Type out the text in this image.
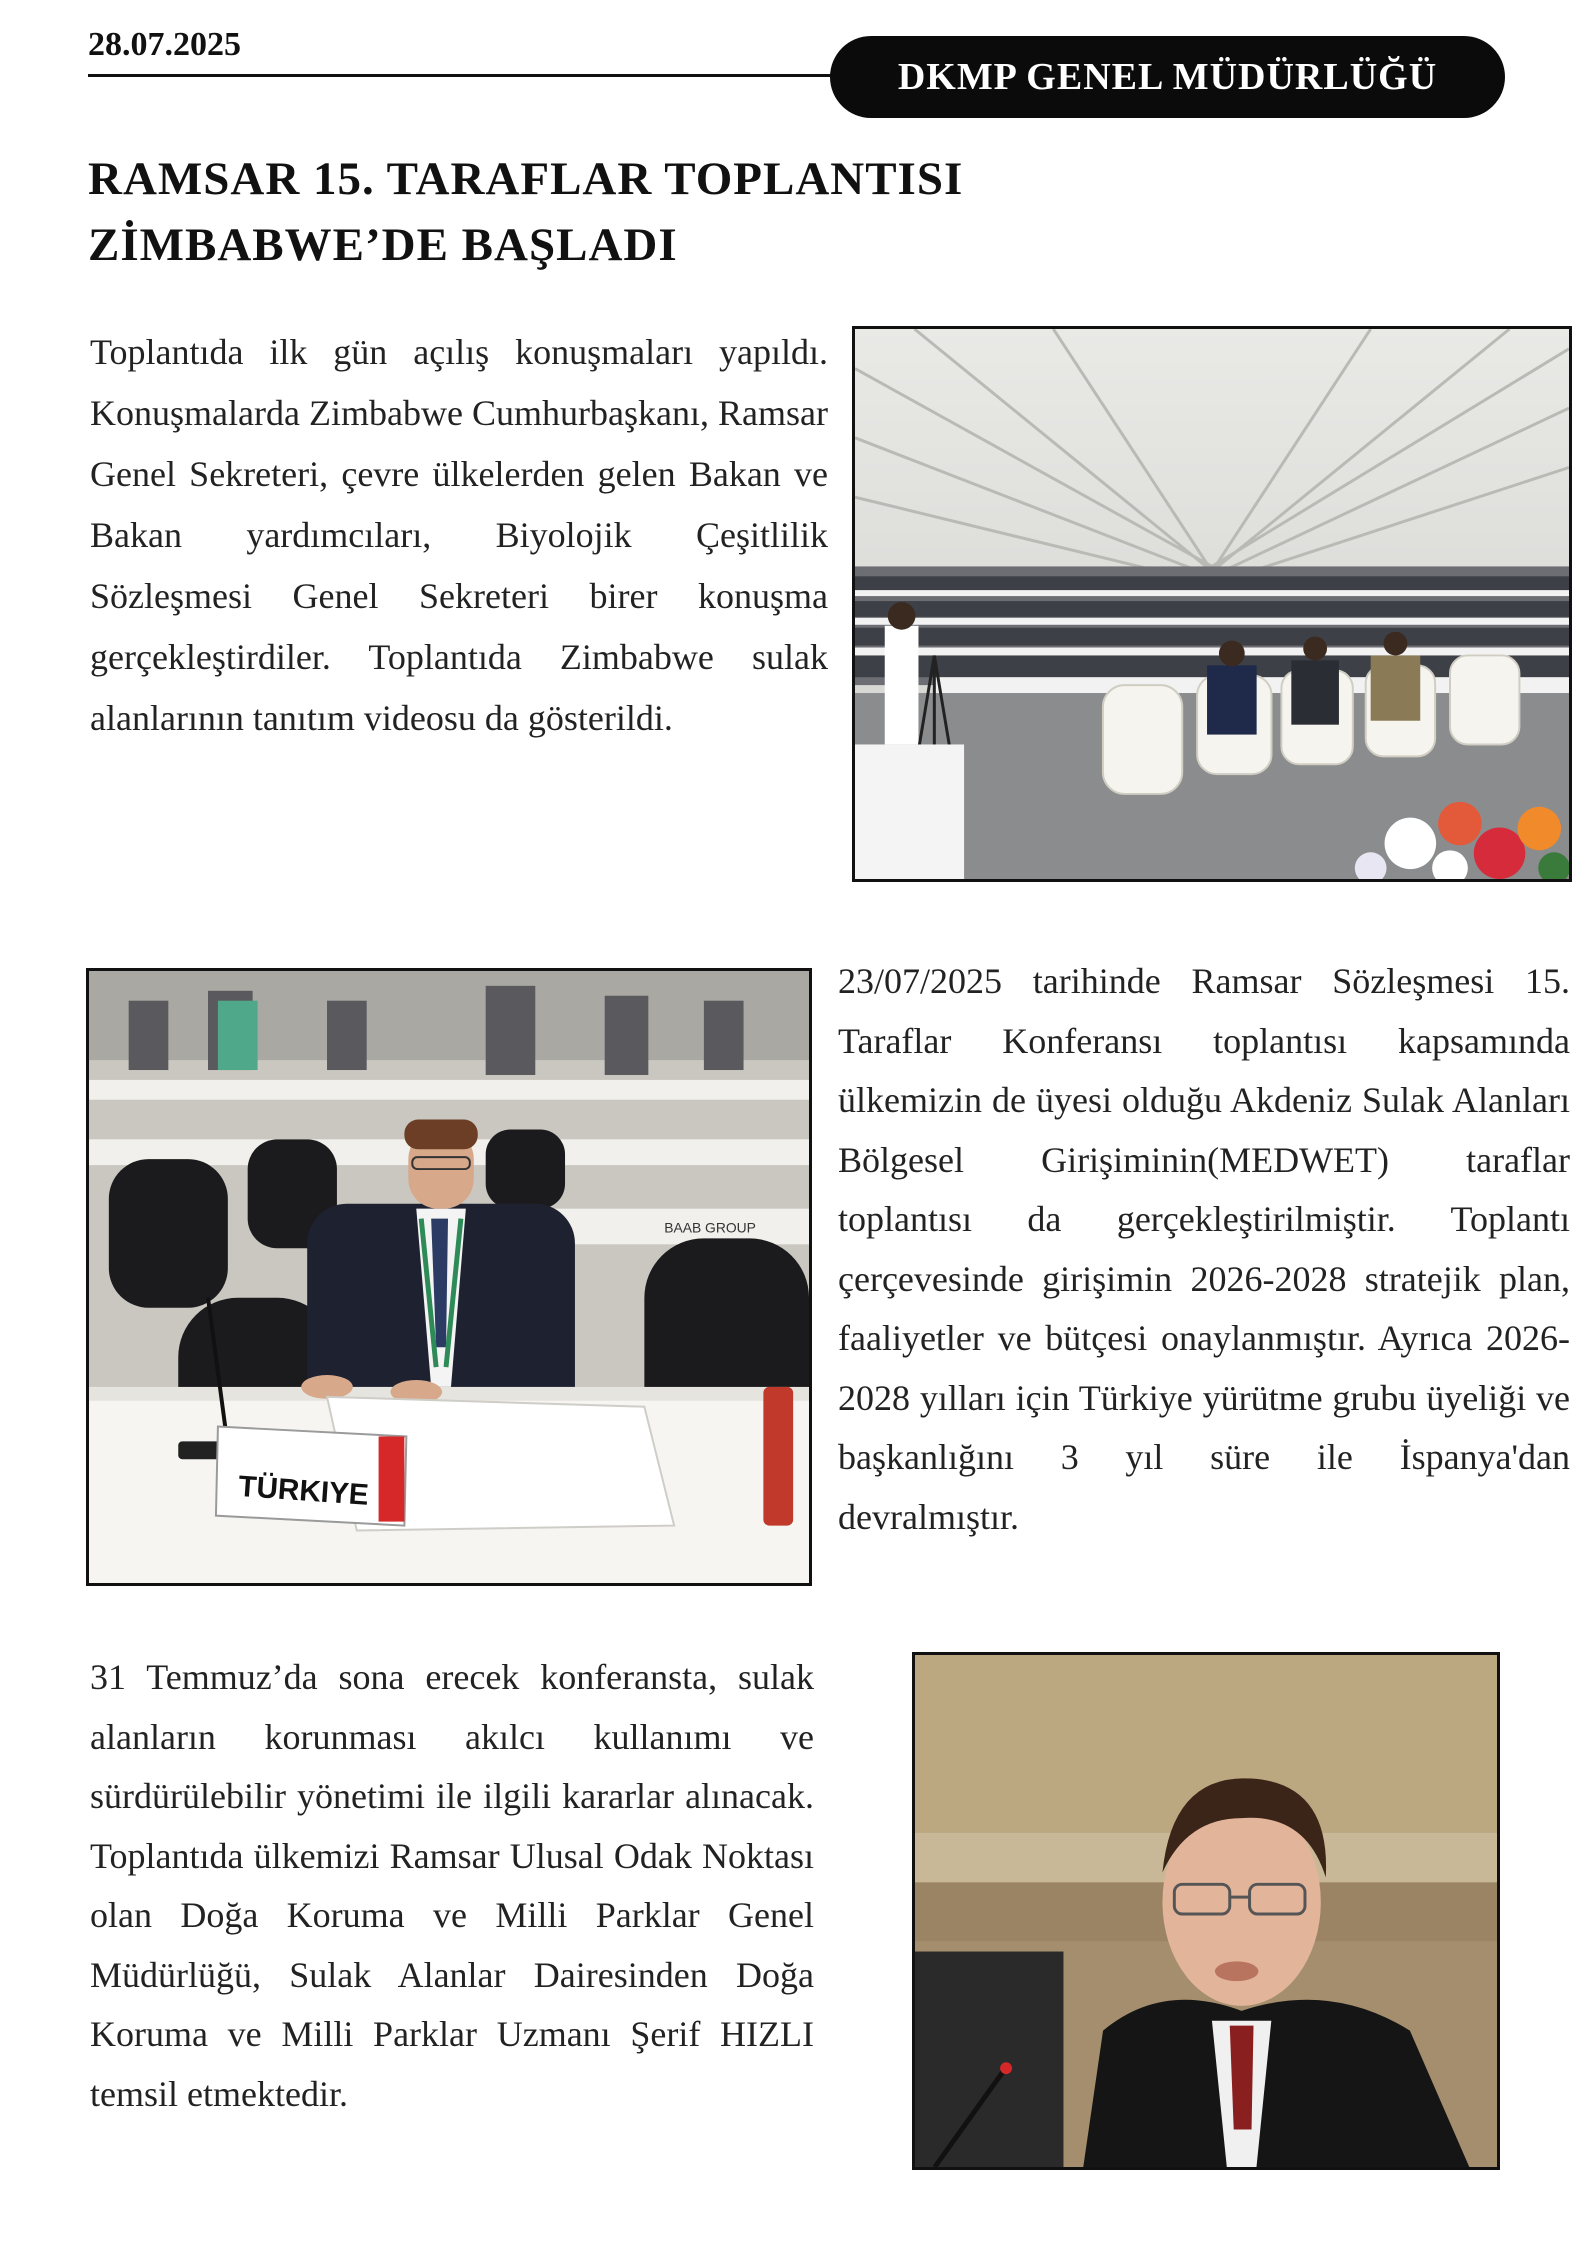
28.07.2025
DKMP GENEL MÜDÜRLÜĞÜ
RAMSAR 15. TARAFLAR TOPLANTISI
ZİMBABWE’DE BAŞLADI

Toplantıda ilk gün açılış konuşmaları yapıldı. Konuşmalarda Zimbabwe Cumhurbaşkanı, Ramsar Genel Sekreteri, çevre ülkelerden gelen Bakan ve Bakan yardımcıları, Biyolojik Çeşitlilik Sözleşmesi Genel Sekreteri birer konuşma gerçekleştirdiler. Toplantıda Zimbabwe sulak alanlarının tanıtım videosu da gösterildi.

BAAB GROUP
TÜRKIYE

23/07/2025 tarihinde Ramsar Sözleşmesi 15. Taraflar Konferansı toplantısı kapsamında ülkemizin de üyesi olduğu Akdeniz Sulak Alanları Bölgesel Girişiminin(MEDWET) taraflar toplantısı da gerçekleştirilmiştir. Toplantı çerçevesinde girişimin 2026-2028 stratejik plan, faaliyetler ve bütçesi onaylanmıştır. Ayrıca 2026-2028 yılları için Türkiye yürütme grubu üyeliği ve başkanlığını 3 yıl süre ile İspanya'dan devralmıştır.

31 Temmuz’da sona erecek konferansta, sulak alanların korunması akılcı kullanımı ve sürdürülebilir yönetimi ile ilgili kararlar alınacak. Toplantıda ülkemizi Ramsar Ulusal Odak Noktası olan Doğa Koruma ve Milli Parklar Genel Müdürlüğü, Sulak Alanlar Dairesinden Doğa Koruma ve Milli Parklar Uzmanı Şerif HIZLI temsil etmektedir.
